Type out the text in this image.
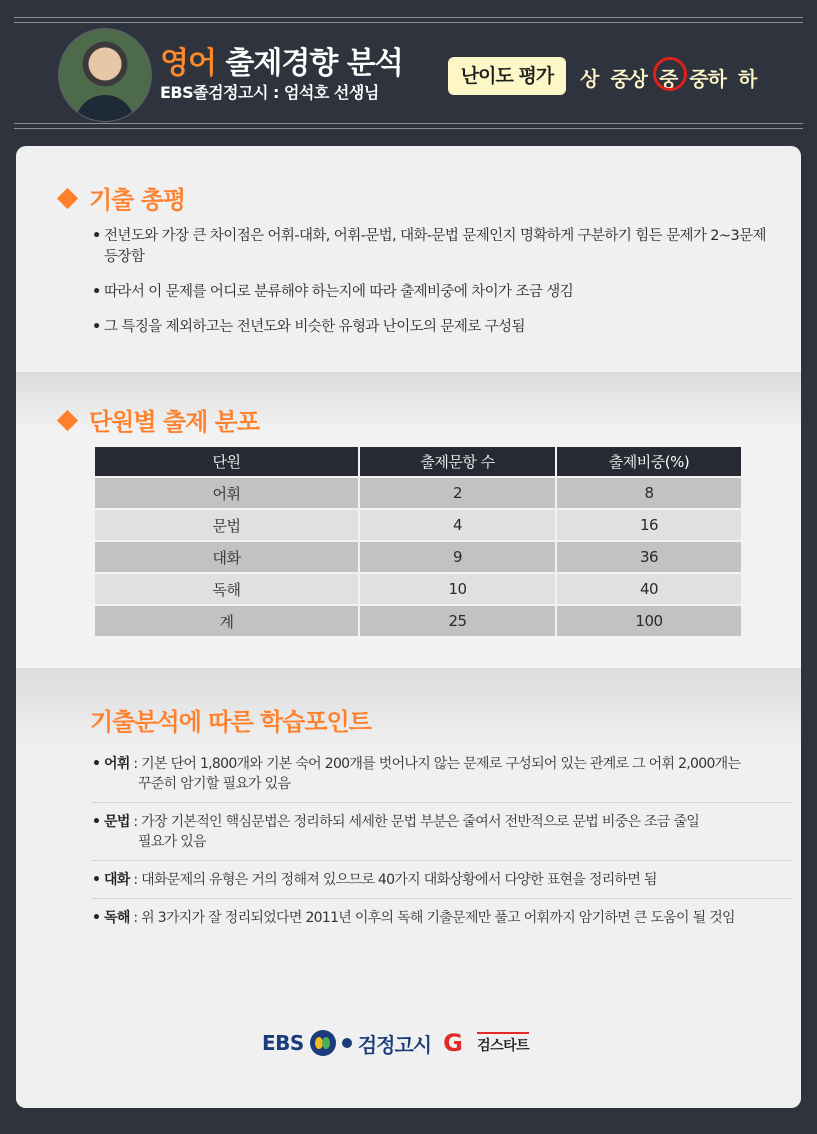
영어 출제경향 분석
EBS졸검정고시 : 엄석호 선생님
난이도 평가	상 중상 중 중하 하
기출 총평
• 전년도와 가장 큰 차이점은 어휘-대화, 어휘-문법, 대화-문법 문제인지 명확하게 구분하기 힘든 문제가 2~3문제 등장함
• 따라서 이 문제를 어디로 분류해야 하는지에 따라 출제비중에 차이가 조금 생김
• 그 특징을 제외하고는 전년도와 비슷한 유형과 난이도의 문제로 구성됨
단원별 출제 분포
단원	출제문항 수	출제비중(%)
어휘	2	8
문법	4	16
대화	9	36
독해	10	40
계	25	100
기출분석에 따른 학습포인트
• 어휘 : 기본 단어 1,800개와 기본 숙어 200개를 벗어나지 않는 문제로 구성되어 있는 관계로 그 어휘 2,000개는
꾸준히 암기할 필요가 있음
• 문법 : 가장 기본적인 핵심문법은 정리하되 세세한 문법 부분은 줄여서 전반적으로 문법 비중은 조금 줄일
필요가 있음
• 대화 : 대화문제의 유형은 거의 정해져 있으므로 40가지 대화상황에서 다양한 표현을 정리하면 됨
• 독해 : 위 3가지가 잘 정리되었다면 2011년 이후의 독해 기출문제만 풀고 어휘까지 암기하면 큰 도움이 될 것임
EBS	검정고시 G 검스타트
